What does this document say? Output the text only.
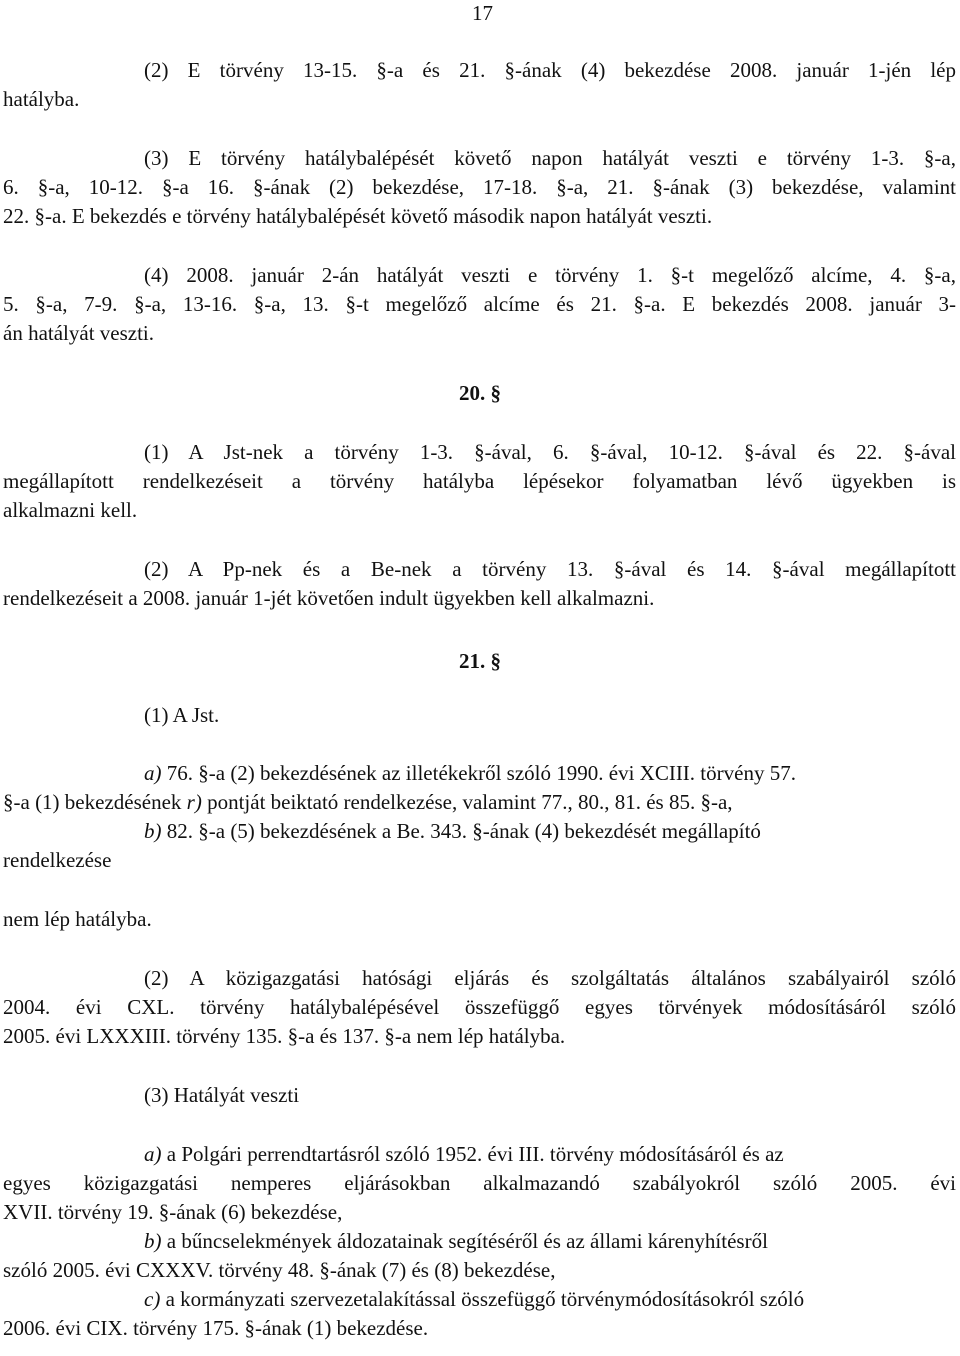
17

(2) E törvény 13-15. §-a és 21. §-ának (4) bekezdése 2008. január 1-jén lép

hatályba.

(3) E törvény hatálybalépését követő napon hatályát veszti e törvény 1-3. §-a,

6. §-a, 10-12. §-a 16. §-ának (2) bekezdése, 17-18. §-a, 21. §-ának (3) bekezdése, valamint

22. §-a. E bekezdés e törvény hatálybalépését követő második napon hatályát veszti.

(4) 2008. január 2-án hatályát veszti e törvény 1. §-t megelőző alcíme, 4. §-a,

5. §-a, 7-9. §-a, 13-16. §-a, 13. §-t megelőző alcíme és 21. §-a. E bekezdés 2008. január 3-

án hatályát veszti.

20. §

(1) A Jst-nek a törvény 1-3. §-ával, 6. §-ával, 10-12. §-ával és 22. §-ával

megállapított rendelkezéseit a törvény hatályba lépésekor folyamatban lévő ügyekben is

alkalmazni kell.

(2) A Pp-nek és a Be-nek a törvény 13. §-ával és 14. §-ával megállapított

rendelkezéseit a 2008. január 1-jét követően indult ügyekben kell alkalmazni.

21. §

(1) A Jst.

a) 76. §-a (2) bekezdésének az illetékekről szóló 1990. évi XCIII. törvény 57.

§-a (1) bekezdésének r) pontját beiktató rendelkezése, valamint 77., 80., 81. és 85. §-a,

b) 82. §-a (5) bekezdésének a Be. 343. §-ának (4) bekezdését megállapító

rendelkezése

nem lép hatályba.

(2) A közigazgatási hatósági eljárás és szolgáltatás általános szabályairól szóló

2004. évi CXL. törvény hatálybalépésével összefüggő egyes törvények módosításáról szóló

2005. évi LXXXIII. törvény 135. §-a és 137. §-a nem lép hatályba.

(3) Hatályát veszti

a) a Polgári perrendtartásról szóló 1952. évi III. törvény módosításáról és az

egyes közigazgatási nemperes eljárásokban alkalmazandó szabályokról szóló 2005. évi

XVII. törvény 19. §-ának (6) bekezdése,

b) a bűncselekmények áldozatainak segítéséről és az állami kárenyhítésről

szóló 2005. évi CXXXV. törvény 48. §-ának (7) és (8) bekezdése,

c) a kormányzati szervezetalakítással összefüggő törvénymódosításokról szóló

2006. évi CIX. törvény 175. §-ának (1) bekezdése.
